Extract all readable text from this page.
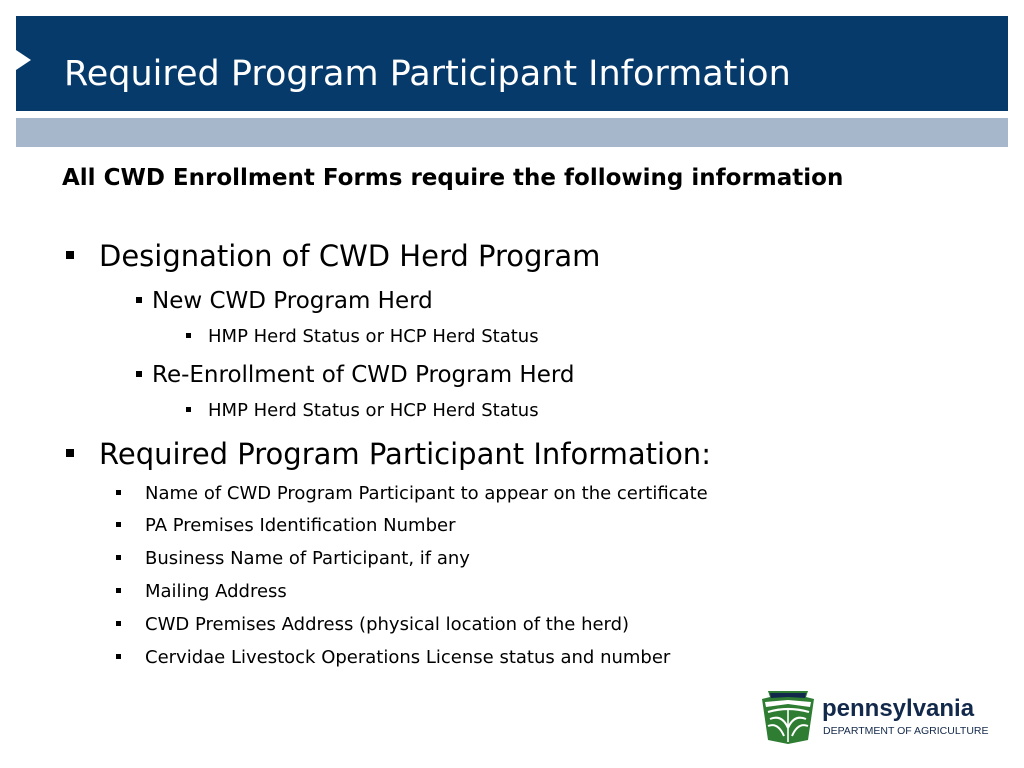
Required Program Participant Information

All CWD Enrollment Forms require the following information

Designation of CWD Herd Program
New CWD Program Herd
HMP Herd Status or HCP Herd Status
Re-Enrollment of CWD Program Herd
HMP Herd Status or HCP Herd Status
Required Program Participant Information:
Name of CWD Program Participant to appear on the certificate
PA Premises Identification Number
Business Name of Participant, if any
Mailing Address
CWD Premises Address (physical location of the herd)
Cervidae Livestock Operations License status and number
pennsylvania
DEPARTMENT OF AGRICULTURE
